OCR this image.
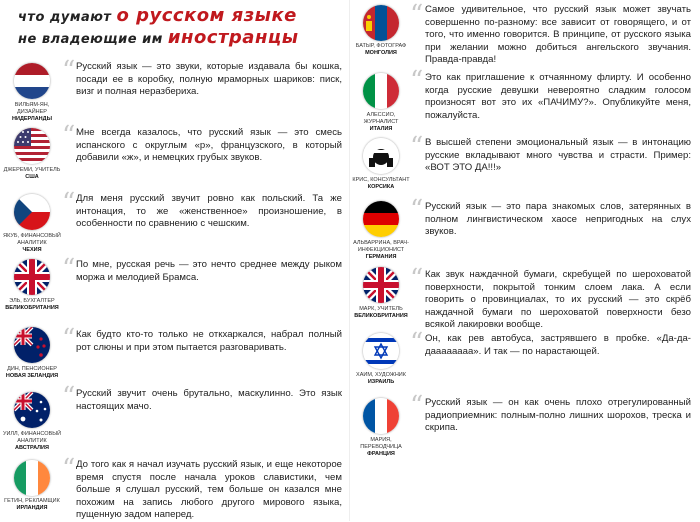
что думают о русском языке
не владеющие им иностранцы
ВИЛЬЯМ-ЯН, ДИЗАЙНЕР
НИДЕРЛАНДЫ
“ Русский язык — это звуки, которые издавала бы кошка, посади ее в коробку, полную мраморных шариков: писк, визг и полная неразбериха.
ДЖЕРЕМИ, УЧИТЕЛЬ
США
“ Мне всегда казалось, что русский язык — это смесь испанского с округлым «р», французского, в который добавили «ж», и немецких грубых звуков.
ЯКУБ, ФИНАНСОВЫЙ АНАЛИТИК
ЧЕХИЯ
“ Для меня русский звучит ровно как польский. Та же интонация, то же «женственное» произношение, в особенности по сравнению с чешским.
ЭЛЬ, БУХГАЛТЕР
ВЕЛИКОБРИТАНИЯ
“ По мне, русская речь — это нечто среднее между рыком моржа и мелодией Брамса.
ДИН, ПЕНСИОНЕР
НОВАЯ ЗЕЛАНДИЯ
“ Как будто кто-то только не откхаркался, набрал полный рот слюны и при этом пытается разговаривать.
УИЛЛ, ФИНАНСОВЫЙ АНАЛИТИК
АВСТРАЛИЯ
“ Русский звучит очень брутально, маскулинно. Это язык настоящих мачо.
ГЕТИН, РЕКЛАМЩИК
ИРЛАНДИЯ
“ До того как я начал изучать русский язык, и еще некоторое время спустя после начала уроков славистики, чем больше я слушал русский, тем больше он казался мне похожим на запись любого другого мирового языка, пущенную задом наперед.
БАТЫР, ФОТОГРАФ
МОНГОЛИЯ
“ Самое удивительное, что русский язык может звучать совершенно по-разному: все зависит от говорящего, и от того, что именно говорится. В принципе, от русского языка при желании можно добиться ангельского звучания. Правда-правда!
АЛЕССИО, ЖУРНАЛИСТ
ИТАЛИЯ
“ Это как приглашение к отчаянному флирту. И особенно когда русские девушки невероятно сладким голосом произносят вот это их «ПАЧИМУ?». Опубликуйте меня, пожалуйста.
КРИС, КОНСУЛЬТАНТ
КОРСИКА
“ В высшей степени эмоциональный язык — в интонацию русские вкладывают много чувства и страсти. Пример: «ВОТ ЭТО ДА!!!»
АЛЬВАРРИНА, ВРАЧ-ИНФЕКЦИОНИСТ
ГЕРМАНИЯ
“ Русский язык — это пара знакомых слов, затерянных в полном лингвистическом хаосе непригодных на слух звуков.
МАРК, УЧИТЕЛЬ
ВЕЛИКОБРИТАНИЯ
“ Как звук наждачной бумаги, скребущей по шероховатой поверхности, покрытой тонким слоем лака. А если говорить о провинциалах, то их русский — это скрёб наждачной бумаги по шероховатой поверхности безо всякой лакировки вообще.
ХАИМ, ХУДОЖНИК
ИЗРАИЛЬ
“ Он, как рев автобуса, застрявшего в пробке. «Да-да-даааааааа». И так — по нарастающей.
МАРИЯ, ПЕРЕВОДЧИЦА
ФРАНЦИЯ
“ Русский язык — он как очень плохо отрегулированный радиоприемник: полным-полно лишних шорохов, треска и скрипа.
